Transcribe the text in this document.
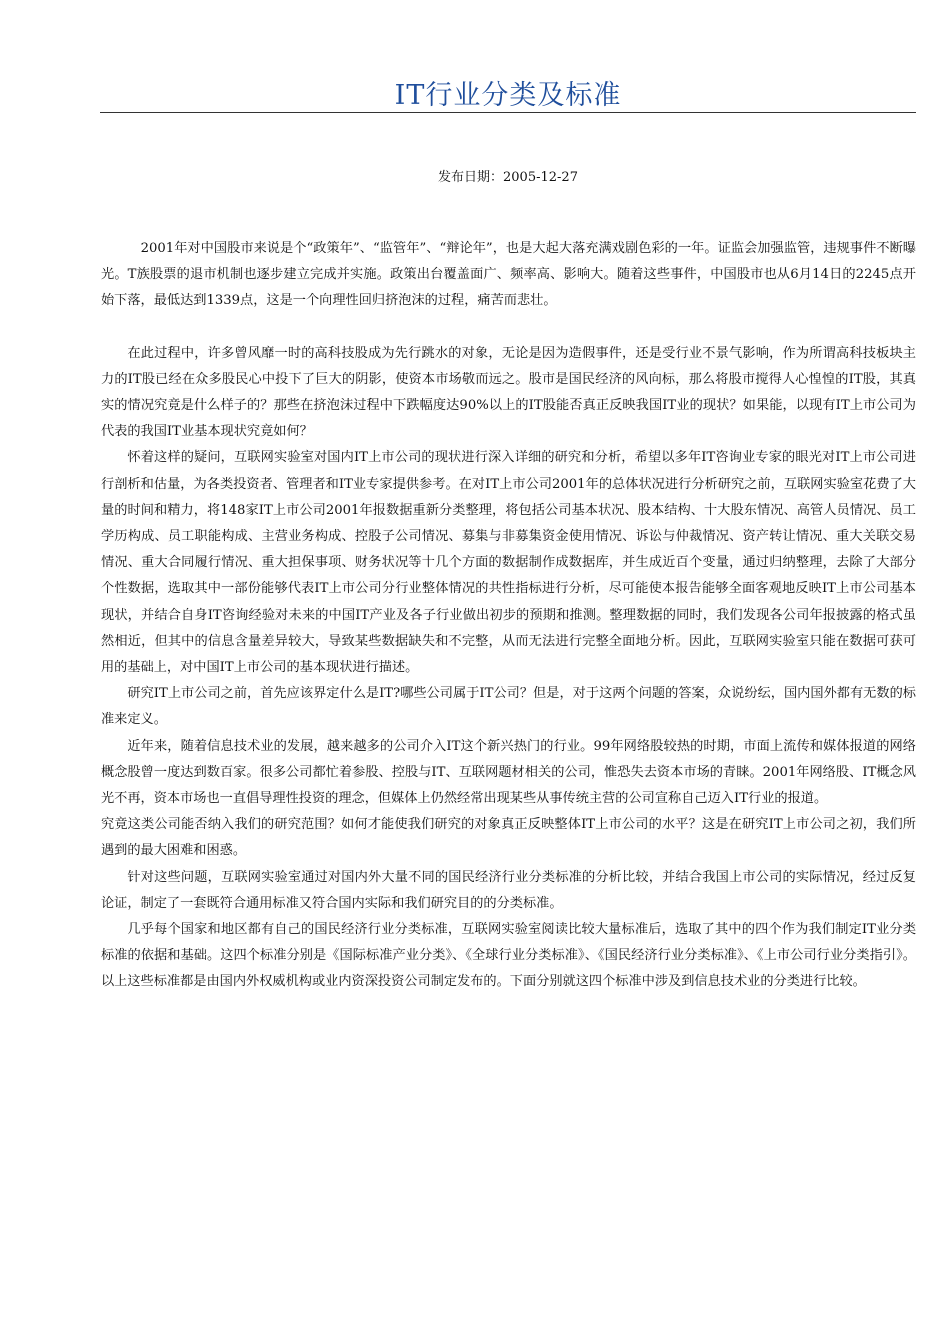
IT行业分类及标准
发布日期：2005-12-27

2001年对中国股市来说是个“政策年”、“监管年”、“辩论年”，也是大起大落充满戏剧色彩的一年。证监会加强监管，违规事件不断曝光。T族股票的退市机制也逐步建立完成并实施。政策出台覆盖面广、频率高、影响大。随着这些事件，中国股市也从6月14日的2245点开始下落，最低达到1339点，这是一个向理性回归挤泡沫的过程，痛苦而悲壮。

在此过程中，许多曾风靡一时的高科技股成为先行跳水的对象，无论是因为造假事件，还是受行业不景气影响，作为所谓高科技板块主力的IT股已经在众多股民心中投下了巨大的阴影，使资本市场敬而远之。股市是国民经济的风向标，那么将股市搅得人心惶惶的IT股，其真实的情况究竟是什么样子的？那些在挤泡沫过程中下跌幅度达90%以上的IT股能否真正反映我国IT业的现状？如果能，以现有IT上市公司为代表的我国IT业基本现状究竟如何？

怀着这样的疑问，互联网实验室对国内IT上市公司的现状进行深入详细的研究和分析，希望以多年IT咨询业专家的眼光对IT上市公司进行剖析和估量，为各类投资者、管理者和IT业专家提供参考。在对IT上市公司2001年的总体状况进行分析研究之前，互联网实验室花费了大量的时间和精力，将148家IT上市公司2001年报数据重新分类整理，将包括公司基本状况、股本结构、十大股东情况、高管人员情况、员工学历构成、员工职能构成、主营业务构成、控股子公司情况、募集与非募集资金使用情况、诉讼与仲裁情况、资产转让情况、重大关联交易情况、重大合同履行情况、重大担保事项、财务状况等十几个方面的数据制作成数据库，并生成近百个变量，通过归纳整理，去除了大部分个性数据，选取其中一部份能够代表IT上市公司分行业整体情况的共性指标进行分析，尽可能使本报告能够全面客观地反映IT上市公司基本现状，并结合自身IT咨询经验对未来的中国IT产业及各子行业做出初步的预期和推测。整理数据的同时，我们发现各公司年报披露的格式虽然相近，但其中的信息含量差异较大，导致某些数据缺失和不完整，从而无法进行完整全面地分析。因此，互联网实验室只能在数据可获可用的基础上，对中国IT上市公司的基本现状进行描述。

研究IT上市公司之前，首先应该界定什么是IT?哪些公司属于IT公司？但是，对于这两个问题的答案，众说纷纭，国内国外都有无数的标准来定义。

近年来，随着信息技术业的发展，越来越多的公司介入IT这个新兴热门的行业。99年网络股较热的时期，市面上流传和媒体报道的网络概念股曾一度达到数百家。很多公司都忙着参股、控股与IT、互联网题材相关的公司，惟恐失去资本市场的青睐。2001年网络股、IT概念风光不再，资本市场也一直倡导理性投资的理念，但媒体上仍然经常出现某些从事传统主营的公司宣称自己迈入IT行业的报道。

究竟这类公司能否纳入我们的研究范围？如何才能使我们研究的对象真正反映整体IT上市公司的水平？这是在研究IT上市公司之初，我们所遇到的最大困难和困惑。

针对这些问题，互联网实验室通过对国内外大量不同的国民经济行业分类标准的分析比较，并结合我国上市公司的实际情况，经过反复论证，制定了一套既符合通用标准又符合国内实际和我们研究目的的分类标准。

几乎每个国家和地区都有自己的国民经济行业分类标准，互联网实验室阅读比较大量标准后，选取了其中的四个作为我们制定IT业分类标准的依据和基础。这四个标准分别是《国际标准产业分类》、《全球行业分类标准》、《国民经济行业分类标准》、《上市公司行业分类指引》。以上这些标准都是由国内外权威机构或业内资深投资公司制定发布的。下面分别就这四个标准中涉及到信息技术业的分类进行比较。
